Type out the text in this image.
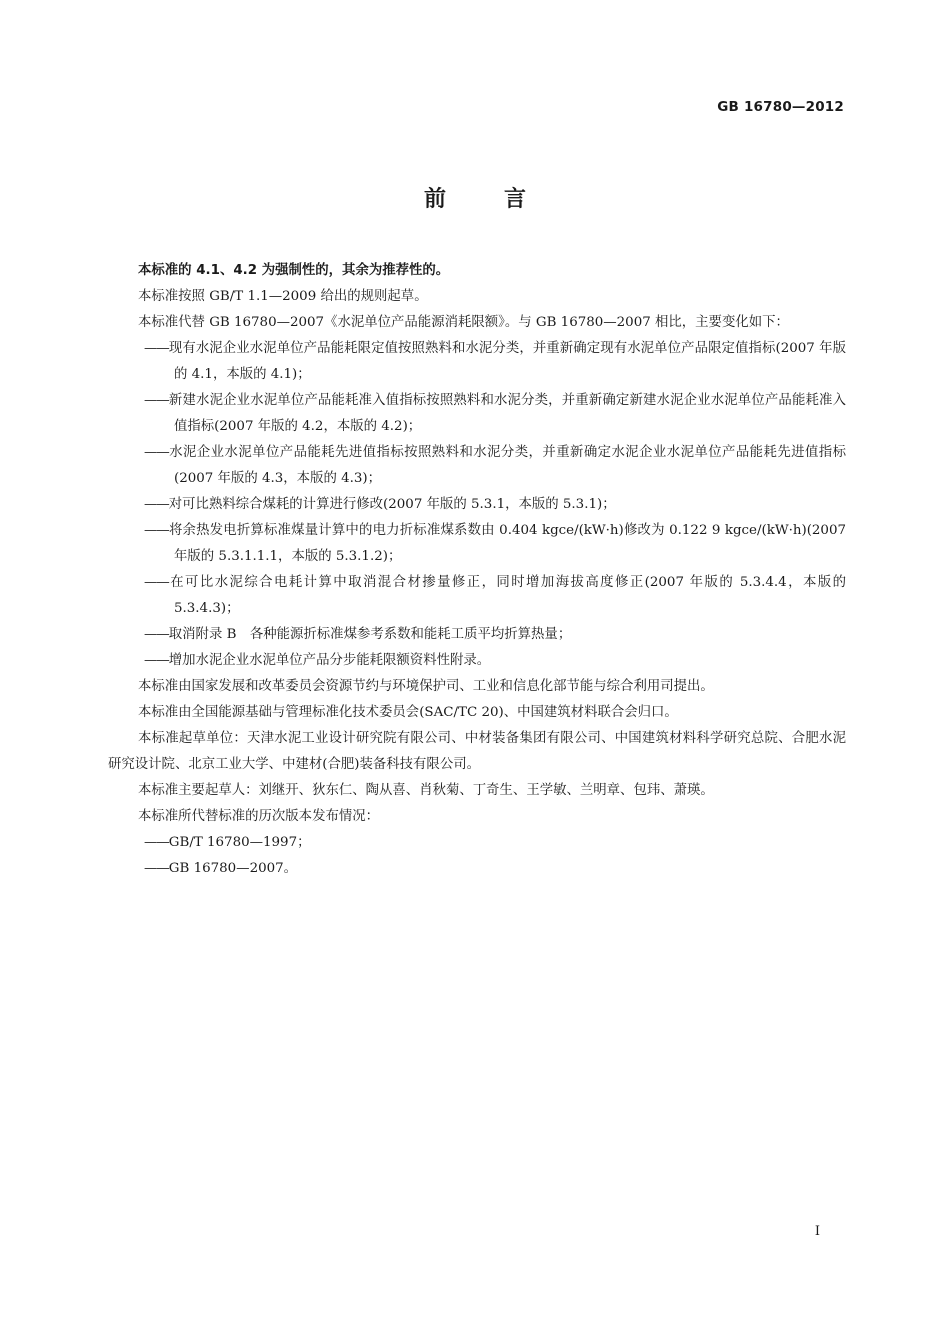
GB 16780—2012
前言

本标准的 4.1、4.2 为强制性的，其余为推荐性的。

本标准按照 GB/T 1.1—2009 给出的规则起草。

本标准代替 GB 16780—2007《水泥单位产品能源消耗限额》。与 GB 16780—2007 相比，主要变化如下：

——现有水泥企业水泥单位产品能耗限定值按照熟料和水泥分类，并重新确定现有水泥单位产品限定值指标(2007 年版的 4.1，本版的 4.1)；

——新建水泥企业水泥单位产品能耗准入值指标按照熟料和水泥分类，并重新确定新建水泥企业水泥单位产品能耗准入值指标(2007 年版的 4.2，本版的 4.2)；

——水泥企业水泥单位产品能耗先进值指标按照熟料和水泥分类，并重新确定水泥企业水泥单位产品能耗先进值指标(2007 年版的 4.3，本版的 4.3)；

——对可比熟料综合煤耗的计算进行修改(2007 年版的 5.3.1，本版的 5.3.1)；

——将余热发电折算标准煤量计算中的电力折标准煤系数由 0.404 kgce/(kW·h)修改为 0.122 9 kgce/(kW·h)(2007 年版的 5.3.1.1.1，本版的 5.3.1.2)；

——在可比水泥综合电耗计算中取消混合材掺量修正，同时增加海拔高度修正(2007 年版的 5.3.4.4，本版的 5.3.4.3)；

——取消附录 B　各种能源折标准煤参考系数和能耗工质平均折算热量；

——增加水泥企业水泥单位产品分步能耗限额资料性附录。

本标准由国家发展和改革委员会资源节约与环境保护司、工业和信息化部节能与综合利用司提出。

本标准由全国能源基础与管理标准化技术委员会(SAC/TC 20)、中国建筑材料联合会归口。

本标准起草单位：天津水泥工业设计研究院有限公司、中材装备集团有限公司、中国建筑材料科学研究总院、合肥水泥研究设计院、北京工业大学、中建材(合肥)装备科技有限公司。

本标准主要起草人：刘继开、狄东仁、陶从喜、肖秋菊、丁奇生、王学敏、兰明章、包玮、萧瑛。

本标准所代替标准的历次版本发布情况：

——GB/T 16780—1997；

——GB 16780—2007。

I
